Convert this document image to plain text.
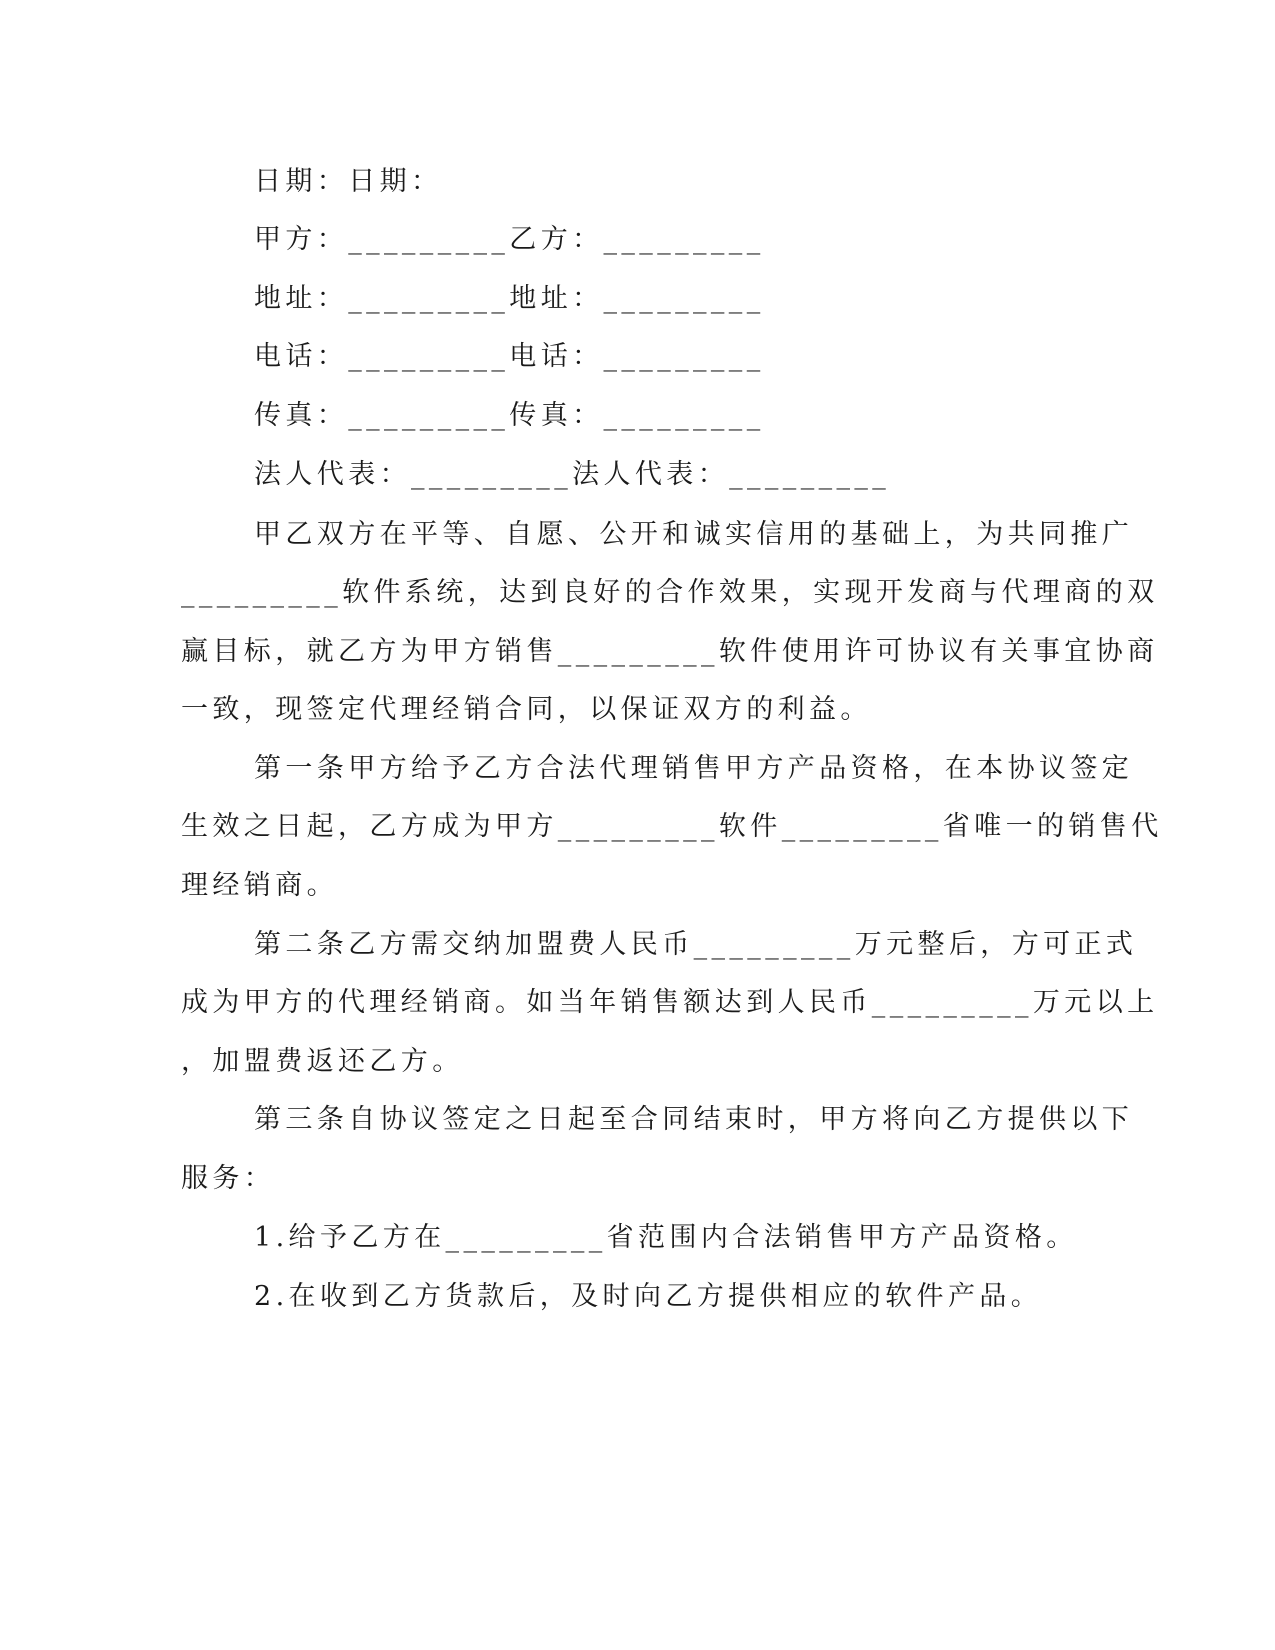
日期：日期：
甲方：_________乙方：_________
地址：_________地址：_________
电话：_________电话：_________
传真：_________传真：_________
法人代表：_________法人代表：_________
甲乙双方在平等、自愿、公开和诚实信用的基础上，为共同推广
_________软件系统，达到良好的合作效果，实现开发商与代理商的双
赢目标，就乙方为甲方销售_________软件使用许可协议有关事宜协商
一致，现签定代理经销合同，以保证双方的利益。
第一条甲方给予乙方合法代理销售甲方产品资格，在本协议签定
生效之日起，乙方成为甲方_________软件_________省唯一的销售代
理经销商。
第二条乙方需交纳加盟费人民币_________万元整后，方可正式
成为甲方的代理经销商。如当年销售额达到人民币_________万元以上
，加盟费返还乙方。
第三条自协议签定之日起至合同结束时，甲方将向乙方提供以下
服务：
1.给予乙方在_________省范围内合法销售甲方产品资格。
2.在收到乙方货款后，及时向乙方提供相应的软件产品。
